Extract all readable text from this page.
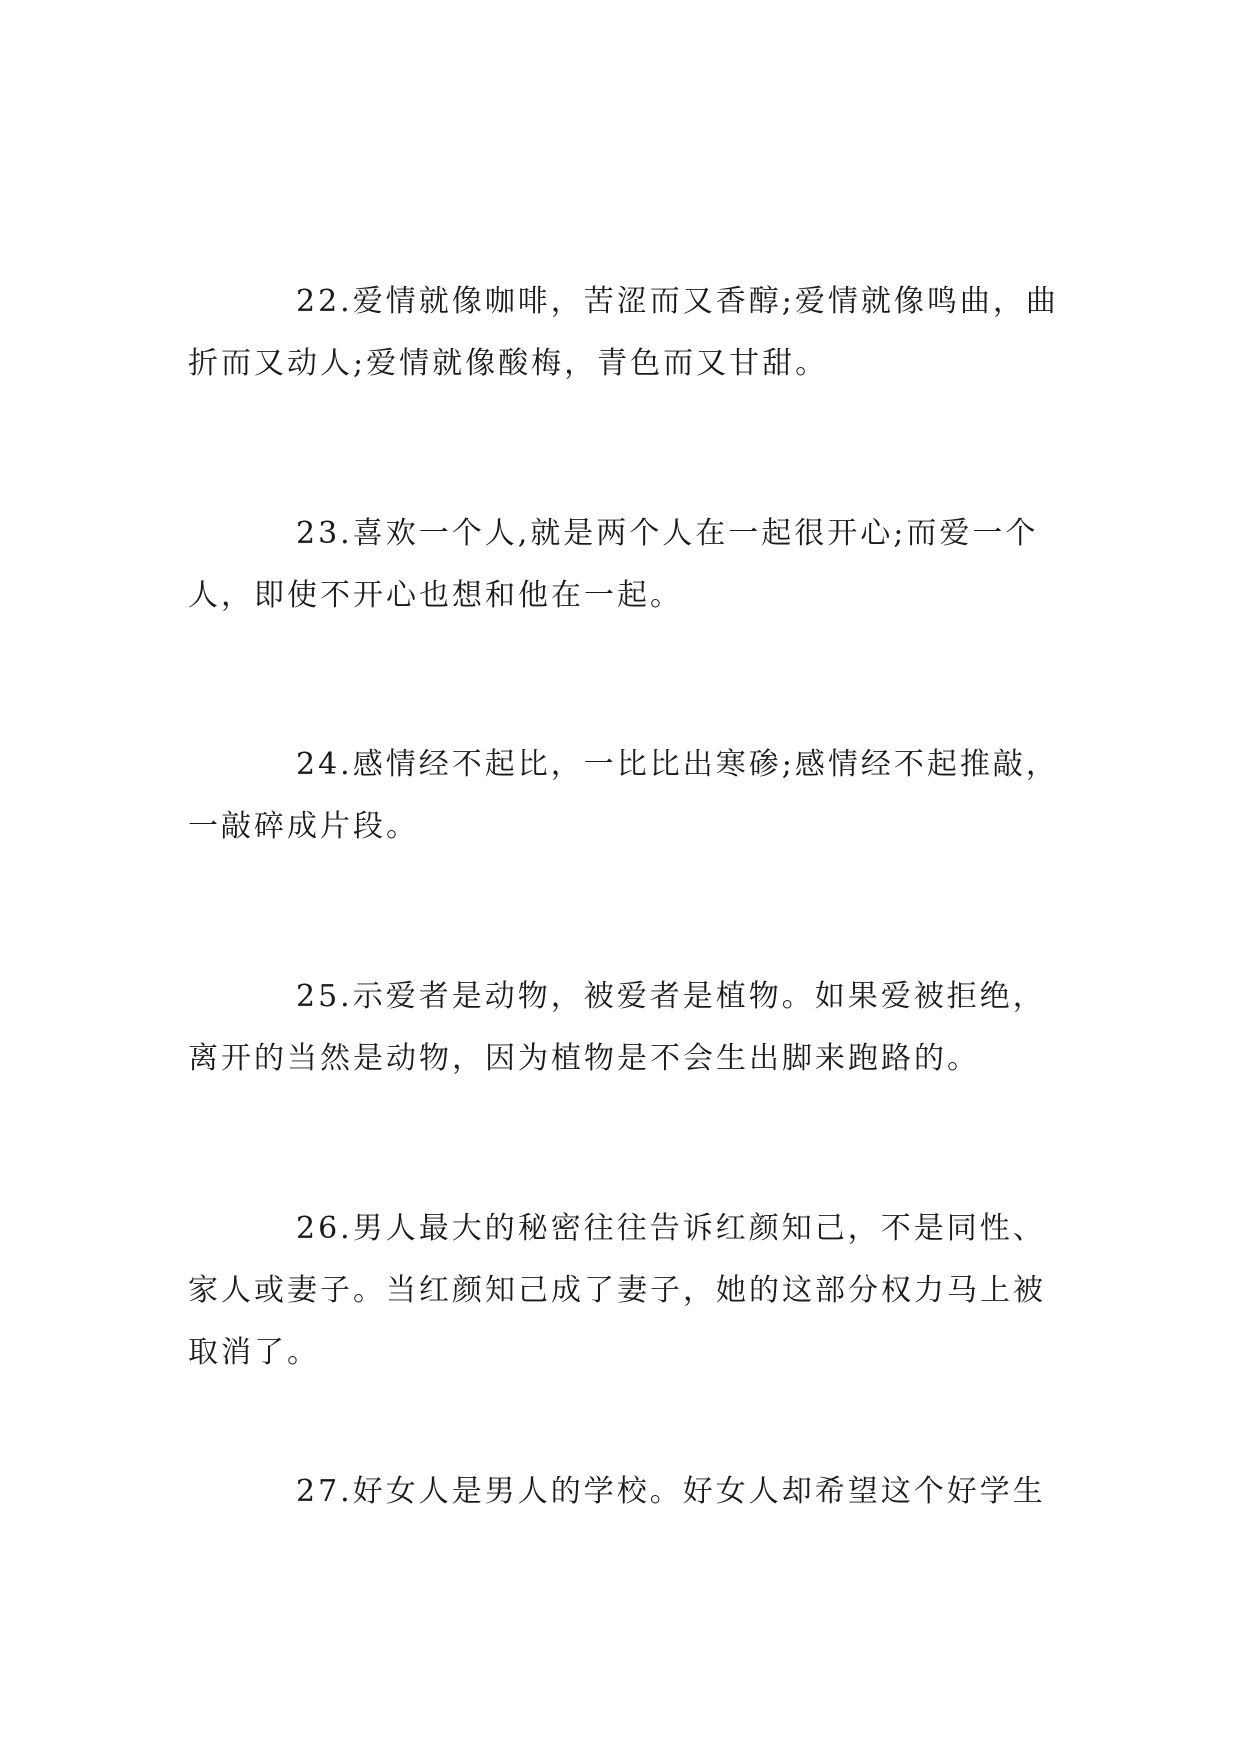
22.爱情就像咖啡，苦涩而又香醇;爱情就像鸣曲，曲折而又动人;爱情就像酸梅，青色而又甘甜。

23.喜欢一个人,就是两个人在一起很开心;而爱一个人，即使不开心也想和他在一起。

24.感情经不起比，一比比出寒碜;感情经不起推敲，一敲碎成片段。

25.示爱者是动物，被爱者是植物。如果爱被拒绝，离开的当然是动物，因为植物是不会生出脚来跑路的。

26.男人最大的秘密往往告诉红颜知己，不是同性、家人或妻子。当红颜知己成了妻子，她的这部分权力马上被取消了。

27.好女人是男人的学校。好女人却希望这个好学生
